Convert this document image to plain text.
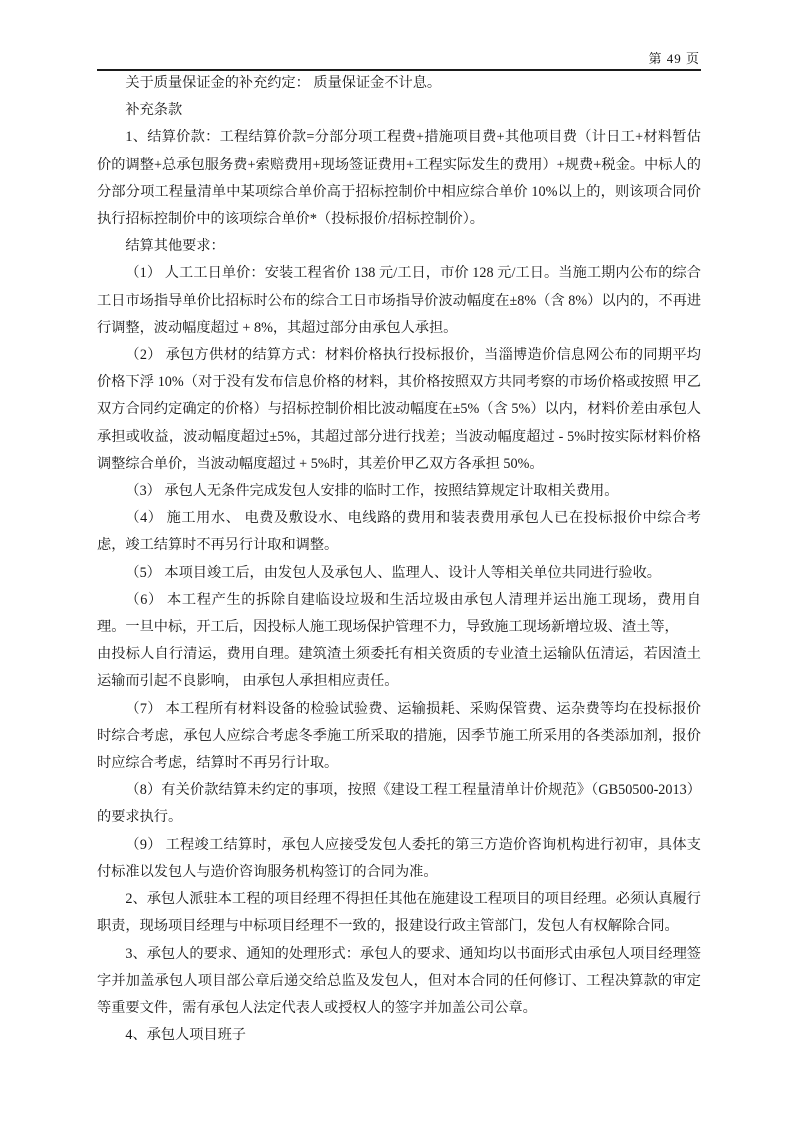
第 49 页

关于质量保证金的补充约定： 质量保证金不计息。

补充条款

1、结算价款：工程结算价款=分部分项工程费+措施项目费+其他项目费（计日工+材料暂估价的调整+总承包服务费+索赔费用+现场签证费用+工程实际发生的费用）+规费+税金。中标人的分部分项工程量清单中某项综合单价高于招标控制价中相应综合单价 10%以上的，则该项合同价执行招标控制价中的该项综合单价*（投标报价/招标控制价）。

结算其他要求：

（1） 人工工日单价：安装工程省价 138 元/工日，市价 128 元/工日。当施工期内公布的综合工日市场指导单价比招标时公布的综合工日市场指导价波动幅度在±8%（含 8%）以内的，不再进行调整，波动幅度超过 + 8%，其超过部分由承包人承担。

（2） 承包方供材的结算方式：材料价格执行投标报价，当淄博造价信息网公布的同期平均价格下浮 10%（对于没有发布信息价格的材料，其价格按照双方共同考察的市场价格或按照 甲乙双方合同约定确定的价格）与招标控制价相比波动幅度在±5%（含 5%）以内，材料价差由承包人承担或收益，波动幅度超过±5%，其超过部分进行找差；当波动幅度超过 - 5%时按实际材料价格调整综合单价，当波动幅度超过 + 5%时，其差价甲乙双方各承担 50%。

（3） 承包人无条件完成发包人安排的临时工作，按照结算规定计取相关费用。

（4） 施工用水、 电费及敷设水、电线路的费用和装表费用承包人已在投标报价中综合考 虑，竣工结算时不再另行计取和调整。

（5） 本项目竣工后，由发包人及承包人、监理人、设计人等相关单位共同进行验收。

（6） 本工程产生的拆除自建临设垃圾和生活垃圾由承包人清理并运出施工现场，费用自 理。一旦中标，开工后，因投标人施工现场保护管理不力，导致施工现场新增垃圾、渣土等，

由投标人自行清运，费用自理。建筑渣土须委托有相关资质的专业渣土运输队伍清运，若因渣土运输而引起不良影响， 由承包人承担相应责任。

（7） 本工程所有材料设备的检验试验费、运输损耗、采购保管费、运杂费等均在投标报价时综合考虑，承包人应综合考虑冬季施工所采取的措施，因季节施工所采用的各类添加剂，报价时应综合考虑，结算时不再另行计取。

（8）有关价款结算未约定的事项，按照《建设工程工程量清单计价规范》（GB50500-2013） 的要求执行。

（9） 工程竣工结算时，承包人应接受发包人委托的第三方造价咨询机构进行初审，具体支付标准以发包人与造价咨询服务机构签订的合同为准。

2、承包人派驻本工程的项目经理不得担任其他在施建设工程项目的项目经理。必须认真履行职责，现场项目经理与中标项目经理不一致的，报建设行政主管部门，发包人有权解除合同。

3、承包人的要求、通知的处理形式：承包人的要求、通知均以书面形式由承包人项目经理签字并加盖承包人项目部公章后递交给总监及发包人，但对本合同的任何修订、工程决算款的审定等重要文件，需有承包人法定代表人或授权人的签字并加盖公司公章。

4、承包人项目班子
